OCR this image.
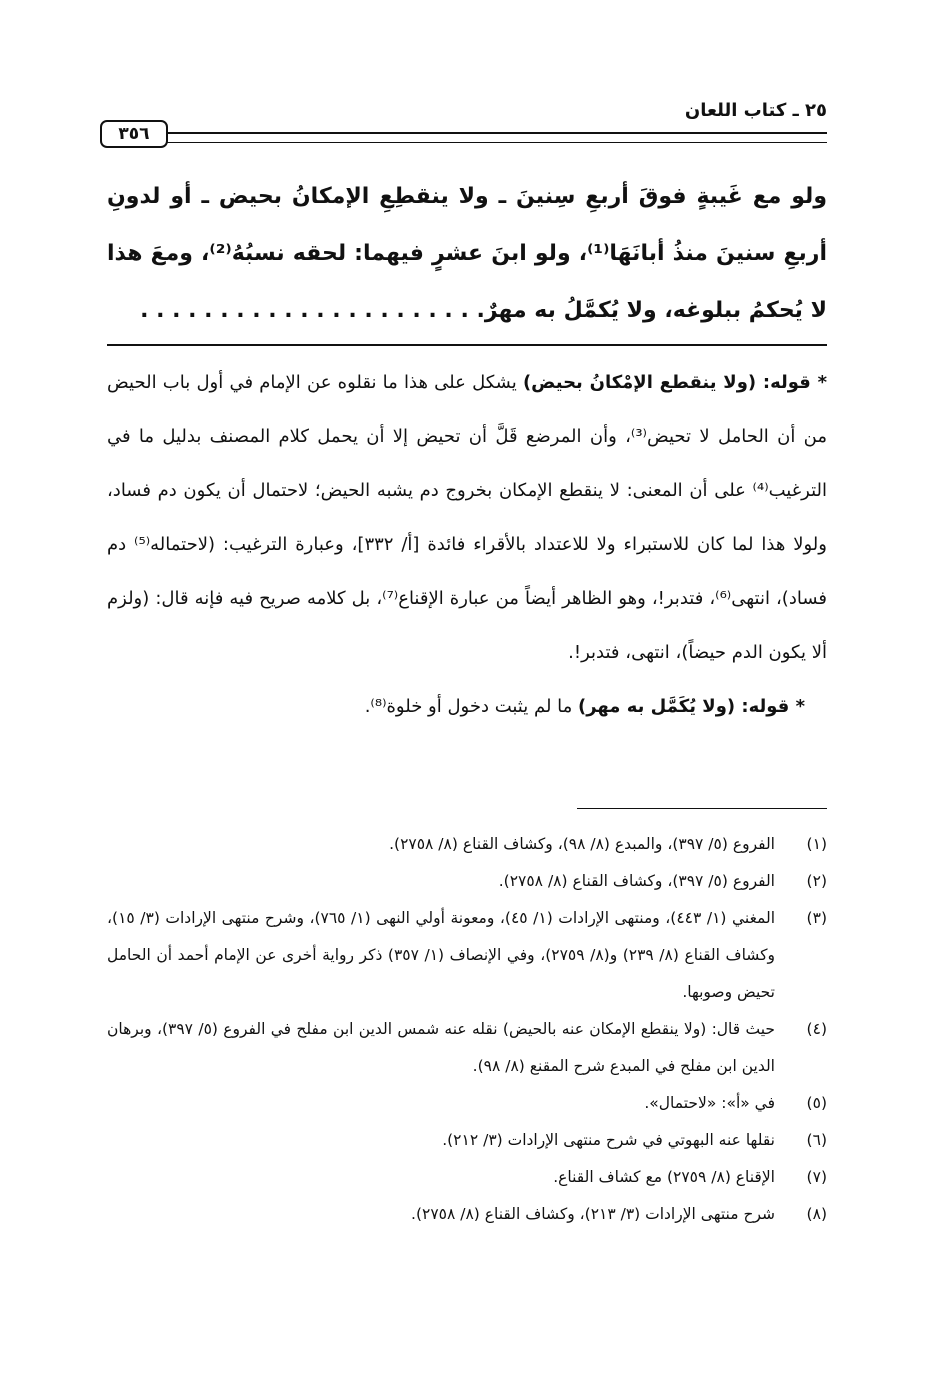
٢٥ ـ كتاب اللعان
٣٥٦
ولو مع غَيبةٍ فوقَ أربعِ سِنينَ ـ ولا ينقطِعِ الإمكانُ بحيض ـ أو لدونِ أربعِ سنينَ منذُ أبانَهَا⁽¹⁾، ولو ابنَ عشرٍ فيهما: لحقه نسبُهُ⁽²⁾، ومعَ هذا لا يُحكمُ ببلوغه، ولا يُكمَّلُ به مهرٌ. . . . . . . . . . . . . . . . . . . . . .

* قوله: (ولا ينقطع الإمْكانُ بحيض) يشكل على هذا ما نقلوه عن الإمام في أول باب الحيض من أن الحامل لا تحيض⁽³⁾، وأن المرضع قَلَّ أن تحيض إلا أن يحمل كلام المصنف بدليل ما في الترغيب⁽⁴⁾ على أن المعنى: لا ينقطع الإمكان بخروج دم يشبه الحيض؛ لاحتمال أن يكون دم فساد، ولولا هذا لما كان للاستبراء ولا للاعتداد بالأقراء فائدة [أ/ ٣٣٢]، وعبارة الترغيب: (لاحتماله⁽⁵⁾ دم فساد)، انتهى⁽⁶⁾، فتدبر!، وهو الظاهر أيضاً من عبارة الإقناع⁽⁷⁾، بل كلامه صريح فيه فإنه قال: (ولزم ألا يكون الدم حيضاً)، انتهى، فتدبر!.

* قوله: (ولا يُكَمَّل به مهر) ما لم يثبت دخول أو خلوة⁽⁸⁾.

(١)
الفروع (٥/ ٣٩٧)، والمبدع (٨/ ٩٨)، وكشاف القناع (٨/ ٢٧٥٨).
(٢)
الفروع (٥/ ٣٩٧)، وكشاف القناع (٨/ ٢٧٥٨).
(٣)
المغني (١/ ٤٤٣)، ومنتهى الإرادات (١/ ٤٥)، ومعونة أولي النهى (١/ ٧٦٥)، وشرح منتهى الإرادات (٣/ ١٥)، وكشاف القناع (٨/ ٢٣٩) و(٨/ ٢٧٥٩)، وفي الإنصاف (١/ ٣٥٧) ذكر رواية أخرى عن الإمام أحمد أن الحامل تحيض وصوبها.
(٤)
حيث قال: (ولا ينقطع الإمكان عنه بالحيض) نقله عنه شمس الدين ابن مفلح في الفروع (٥/ ٣٩٧)، وبرهان الدين ابن مفلح في المبدع شرح المقنع (٨/ ٩٨).
(٥)
في «أ»: «لاحتمال».
(٦)
نقلها عنه البهوتي في شرح منتهى الإرادات (٣/ ٢١٢).
(٧)
الإقناع (٨/ ٢٧٥٩) مع كشاف القناع.
(٨)
شرح منتهى الإرادات (٣/ ٢١٣)، وكشاف القناع (٨/ ٢٧٥٨).
